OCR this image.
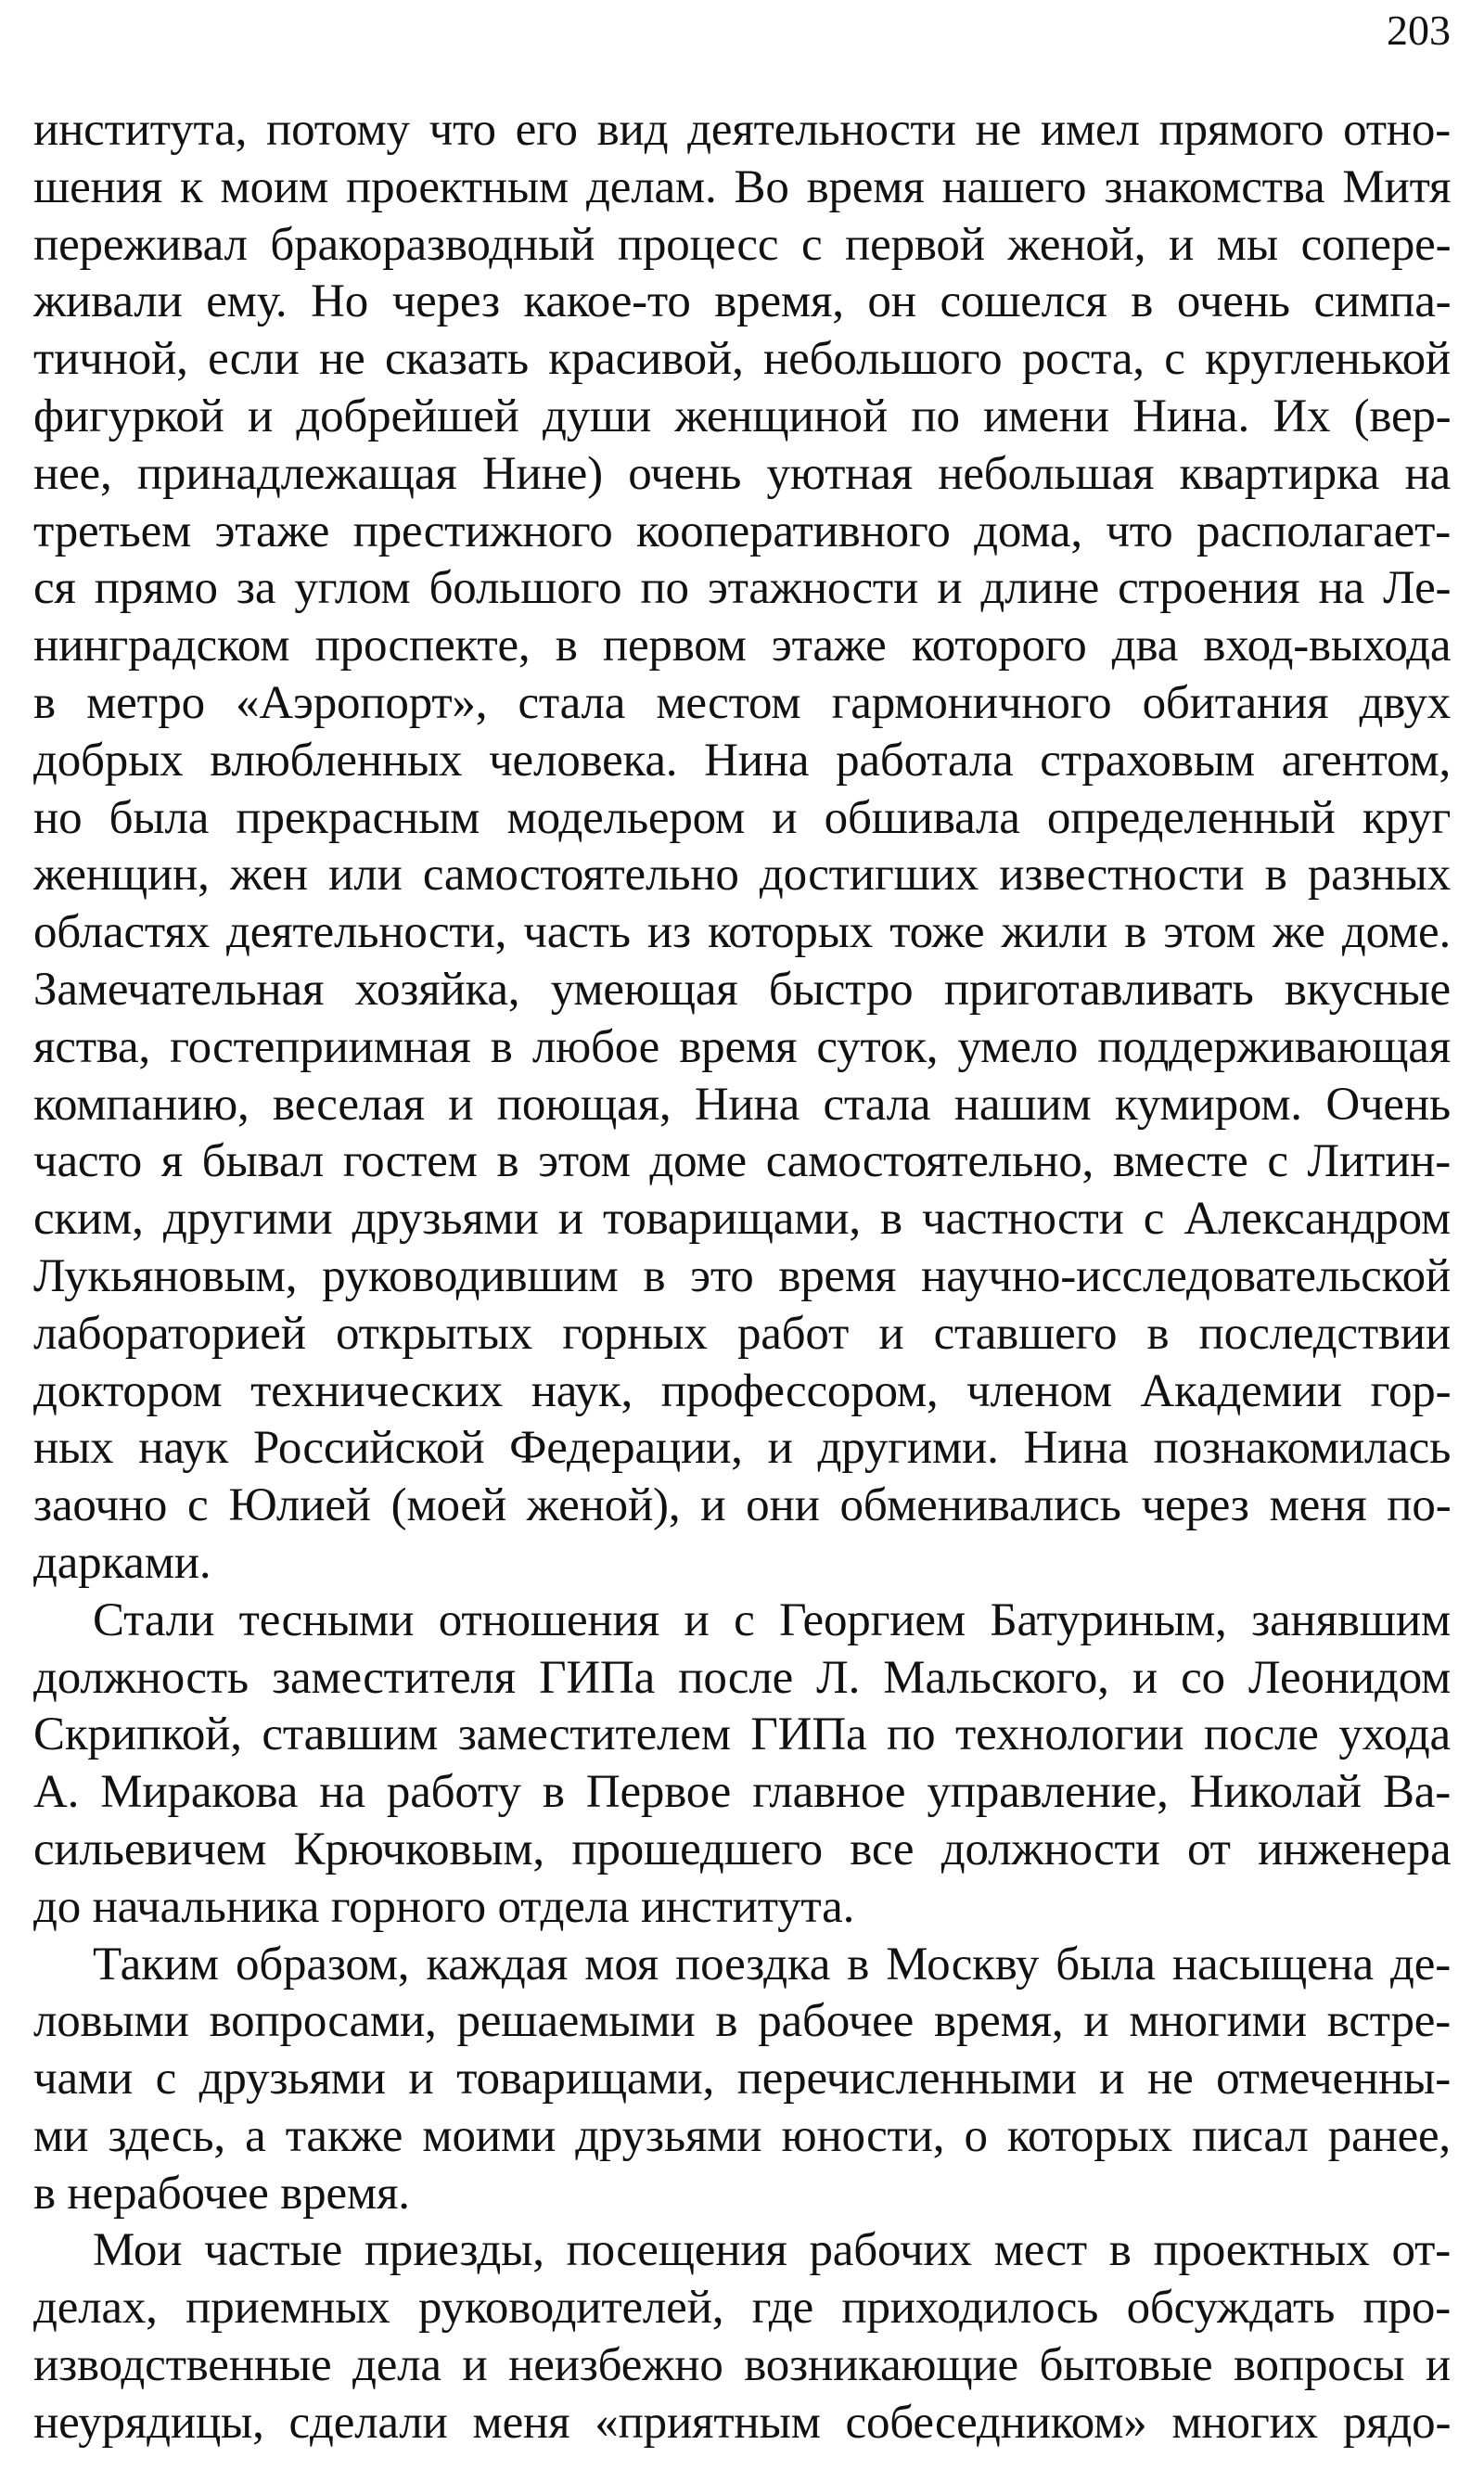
203

института, потому что его вид деятельности не имел прямого отно-
шения к моим проектным делам. Во время нашего знакомства Митя
переживал бракоразводный процесс с первой женой, и мы сопере-
живали ему. Но через какое-то время, он сошелся в очень симпа-
тичной, если не сказать красивой, небольшого роста, с кругленькой
фигуркой и добрейшей души женщиной по имени Нина. Их (вер-
нее, принадлежащая Нине) очень уютная небольшая квартирка на
третьем этаже престижного кооперативного дома, что располагает-
ся прямо за углом большого по этажности и длине строения на Ле-
нинградском проспекте, в первом этаже которого два вход-выхода
в метро «Аэропорт», стала местом гармоничного обитания двух
добрых влюбленных человека. Нина работала страховым агентом,
но была прекрасным модельером и обшивала определенный круг
женщин, жен или самостоятельно достигших известности в разных
областях деятельности, часть из которых тоже жили в этом же доме.
Замечательная хозяйка, умеющая быстро приготавливать вкусные
яства, гостеприимная в любое время суток, умело поддерживающая
компанию, веселая и поющая, Нина стала нашим кумиром. Очень
часто я бывал гостем в этом доме самостоятельно, вместе с Литин-
ским, другими друзьями и товарищами, в частности с Александром
Лукьяновым, руководившим в это время научно-исследовательской
лабораторией открытых горных работ и ставшего в последствии
доктором технических наук, профессором, членом Академии гор-
ных наук Российской Федерации, и другими. Нина познакомилась
заочно с Юлией (моей женой), и они обменивались через меня по-
дарками.

Стали тесными отношения и с Георгием Батуриным, занявшим
должность заместителя ГИПа после Л. Мальского, и со Леонидом
Скрипкой, ставшим заместителем ГИПа по технологии после ухода
А. Миракова на работу в Первое главное управление, Николай Ва-
сильевичем Крючковым, прошедшего все должности от инженера
до начальника горного отдела института.

Таким образом, каждая моя поездка в Москву была насыщена де-
ловыми вопросами, решаемыми в рабочее время, и многими встре-
чами с друзьями и товарищами, перечисленными и не отмеченны-
ми здесь, а также моими друзьями юности, о которых писал ранее,
в нерабочее время.

Мои частые приезды, посещения рабочих мест в проектных от-
делах, приемных руководителей, где приходилось обсуждать про-
изводственные дела и неизбежно возникающие бытовые вопросы и
неурядицы, сделали меня «приятным собеседником» многих рядо-
